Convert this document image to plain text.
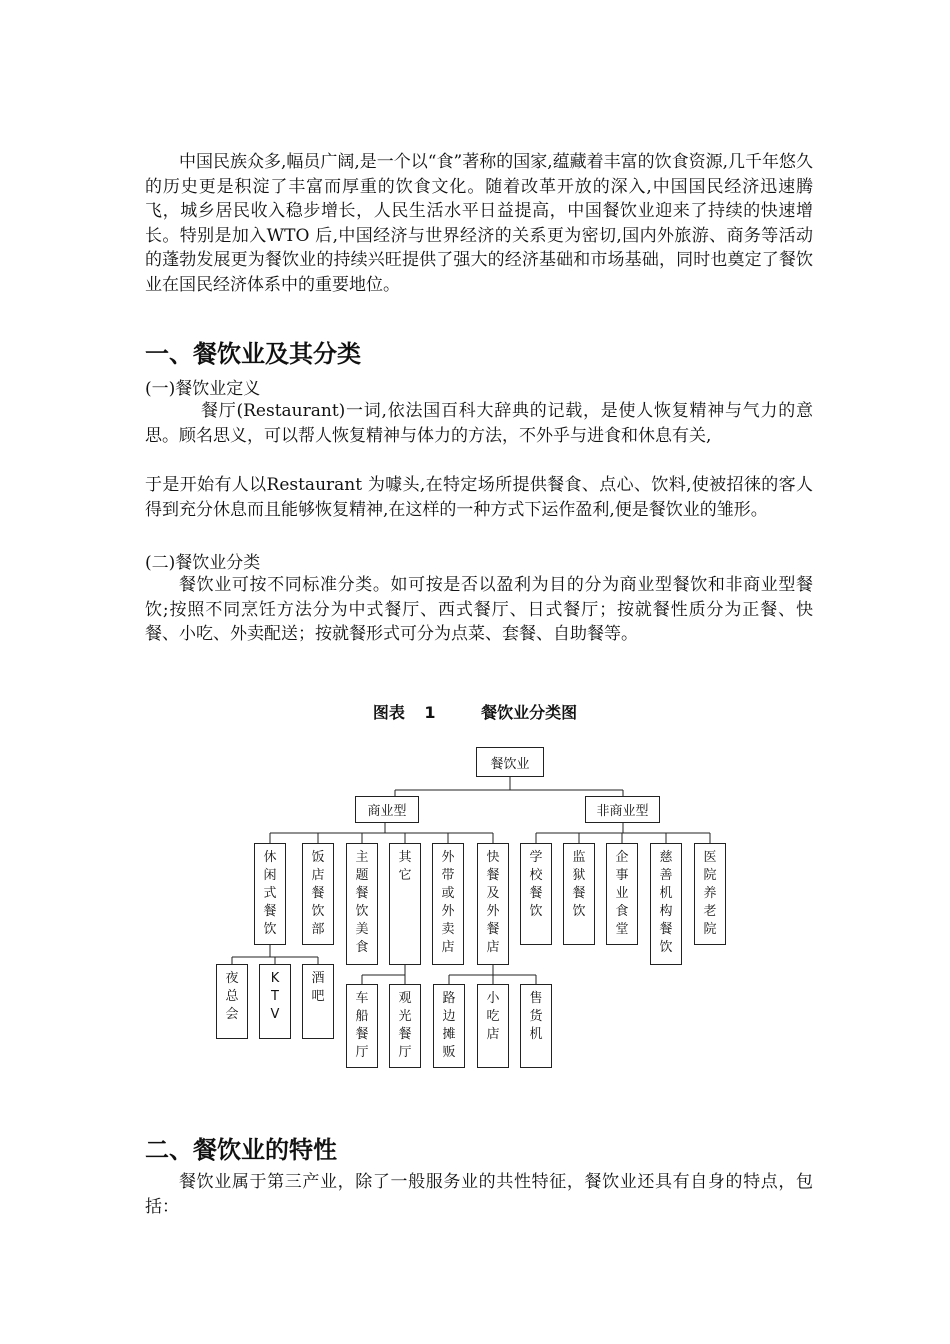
中国民族众多,幅员广阔,是一个以“食”著称的国家,蕴藏着丰富的饮食资源,几千年悠久的历史更是积淀了丰富而厚重的饮食文化。随着改革开放的深入,中国国民经济迅速腾飞，城乡居民收入稳步增长，人民生活水平日益提高，中国餐饮业迎来了持续的快速增长。特别是加入WTO 后,中国经济与世界经济的关系更为密切,国内外旅游、商务等活动的蓬勃发展更为餐饮业的持续兴旺提供了强大的经济基础和市场基础，同时也奠定了餐饮业在国民经济体系中的重要地位。

一、餐饮业及其分类

(一)餐饮业定义

餐厅(Restaurant)一词,依法国百科大辞典的记载，是使人恢复精神与气力的意思。顾名思义，可以帮人恢复精神与体力的方法，不外乎与进食和休息有关,

于是开始有人以Restaurant 为噱头,在特定场所提供餐食、点心、饮料,使被招徕的客人得到充分休息而且能够恢复精神,在这样的一种方式下运作盈利,便是餐饮业的雏形。

(二)餐饮业分类

餐饮业可按不同标准分类。如可按是否以盈利为目的分为商业型餐饮和非商业型餐饮;按照不同烹饪方法分为中式餐厅、西式餐厅、日式餐厅；按就餐性质分为正餐、快餐、小吃、外卖配送；按就餐形式可分为点菜、套餐、自助餐等。

图表 1	餐饮业分类图
餐饮业
商业型	非商业型
休
闲
式
餐
饮
饭
店
餐
饮
部
主
题
餐
饮
美
食
其
它
外
带
或
外
卖
店
快
餐
及
外
餐
店
学
校
餐
饮
监
狱
餐
饮
企
事
业
食
堂
慈
善
机
构
餐
饮
医
院
养
老
院
夜
总
会
K
T
V
酒
吧	车
船
餐
厅
观
光
餐
厅
路
边
摊
贩
小
吃
店
售
货
机
二、餐饮业的特性

餐饮业属于第三产业，除了一般服务业的共性特征，餐饮业还具有自身的特点，包括：
